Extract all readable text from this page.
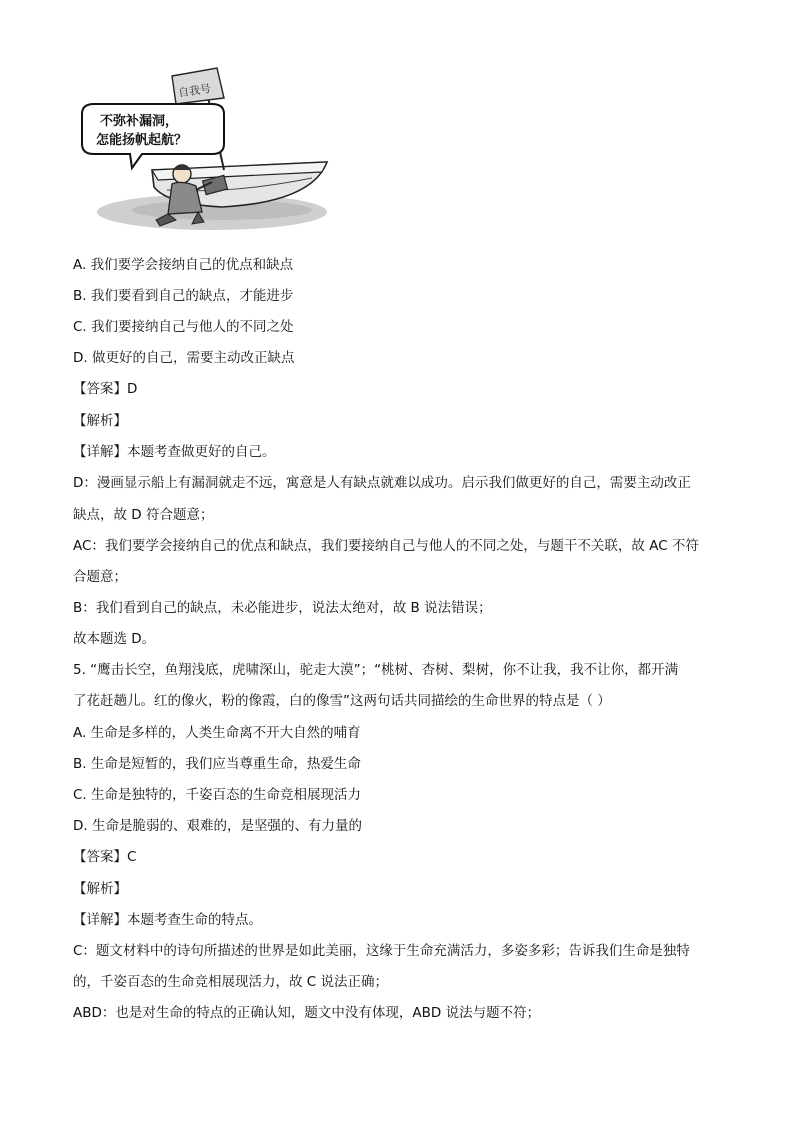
自我号
不弥补漏洞，
怎能扬帆起航？
A. 我们要学会接纳自己的优点和缺点
B. 我们要看到自己的缺点，才能进步
C. 我们要接纳自己与他人的不同之处
D. 做更好的自己，需要主动改正缺点
【答案】D
【解析】
【详解】本题考查做更好的自己。
D：漫画显示船上有漏洞就走不远，寓意是人有缺点就难以成功。启示我们做更好的自己，需要主动改正
缺点，故 D 符合题意；
AC：我们要学会接纳自己的优点和缺点，我们要接纳自己与他人的不同之处，与题干不关联，故 AC 不符
合题意；
B：我们看到自己的缺点，未必能进步，说法太绝对，故 B 说法错误；
故本题选 D。
5. “鹰击长空，鱼翔浅底，虎啸深山，驼走大漠”；“桃树、杏树、梨树，你不让我，我不让你，都开满
了花赶趟儿。红的像火，粉的像霞，白的像雪”这两句话共同描绘的生命世界的特点是（ ）
A. 生命是多样的，人类生命离不开大自然的哺育
B. 生命是短暂的，我们应当尊重生命，热爱生命
C. 生命是独特的，千姿百态的生命竞相展现活力
D. 生命是脆弱的、艰难的，是坚强的、有力量的
【答案】C
【解析】
【详解】本题考查生命的特点。
C：题文材料中的诗句所描述的世界是如此美丽，这缘于生命充满活力，多姿多彩；告诉我们生命是独特
的，千姿百态的生命竞相展现活力，故 C 说法正确；
ABD：也是对生命的特点的正确认知，题文中没有体现，ABD 说法与题不符；
